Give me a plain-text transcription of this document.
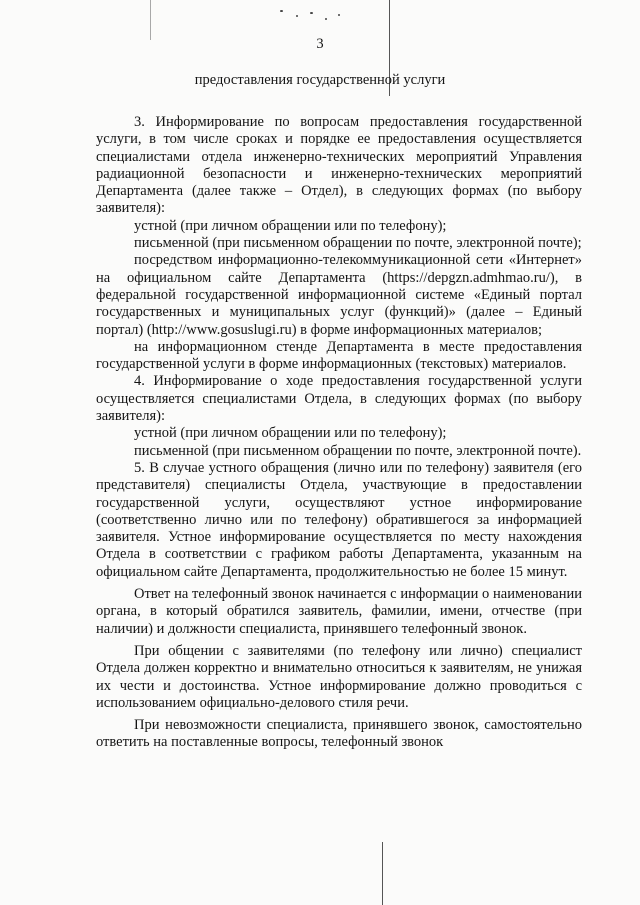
3
предоставления государственной услуги

3. Информирование по вопросам предоставления государственной услуги, в том числе сроках и порядке ее предоставления осуществляется специалистами отдела инженерно-технических мероприятий Управления радиационной безопасности и инженерно-технических мероприятий Департамента (далее также – Отдел), в следующих формах (по выбору заявителя):

устной (при личном обращении или по телефону);

письменной (при письменном обращении по почте, электронной почте);

посредством информационно-телекоммуникационной сети «Интернет» на официальном сайте Департамента (https://depgzn.admhmao.ru/), в федеральной государственной информационной системе «Единый портал государственных и муниципальных услуг (функций)» (далее – Единый портал) (http://www.gosuslugi.ru) в форме информационных материалов;

на информационном стенде Департамента в месте предоставления государственной услуги в форме информационных (текстовых) материалов.

4. Информирование о ходе предоставления государственной услуги осуществляется специалистами Отдела, в следующих формах (по выбору заявителя):

устной (при личном обращении или по телефону);

письменной (при письменном обращении по почте, электронной почте).

5. В случае устного обращения (лично или по телефону) заявителя (его представителя) специалисты Отдела, участвующие в предоставлении государственной услуги, осуществляют устное информирование (соответственно лично или по телефону) обратившегося за информацией заявителя. Устное информирование осуществляется по месту нахождения Отдела в соответствии с графиком работы Департамента, указанным на официальном сайте Департамента, продолжительностью не более 15 минут.

Ответ на телефонный звонок начинается с информации о наименовании органа, в который обратился заявитель, фамилии, имени, отчестве (при наличии) и должности специалиста, принявшего телефонный звонок.

При общении с заявителями (по телефону или лично) специалист Отдела должен корректно и внимательно относиться к заявителям, не унижая их чести и достоинства. Устное информирование должно проводиться с использованием официально-делового стиля речи.

При невозможности специалиста, принявшего звонок, самостоятельно ответить на поставленные вопросы, телефонный звонок
